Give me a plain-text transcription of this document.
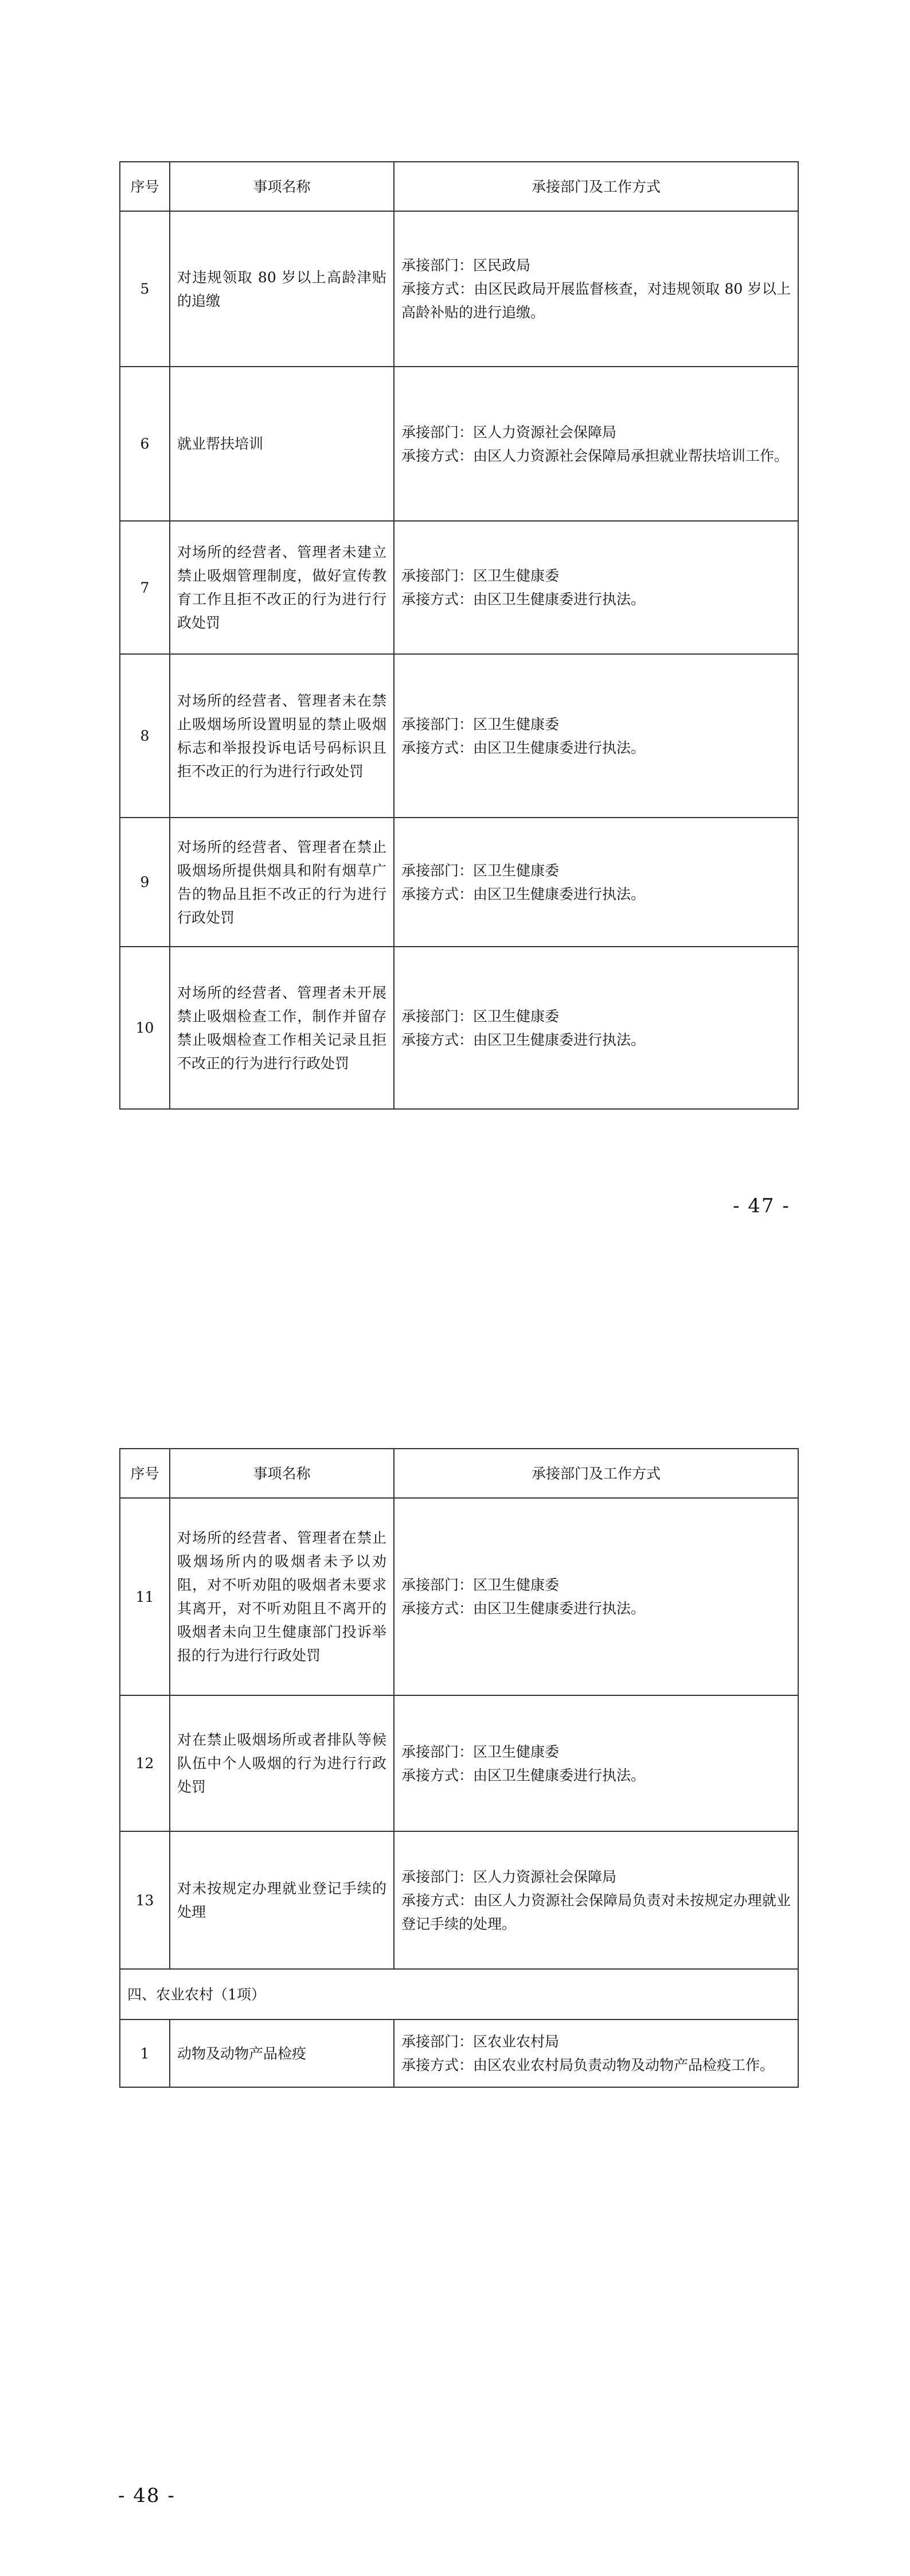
序号	事项名称	承接部门及工作方式
5	对违规领取 80 岁以上高龄津贴的追缴	承接部门：区民政局
承接方式：由区民政局开展监督核查，对违规领取 80 岁以上高龄补贴的进行追缴。

6	就业帮扶培训	承接部门：区人力资源社会保障局
承接方式：由区人力资源社会保障局承担就业帮扶培训工作。

7	对场所的经营者、管理者未建立禁止吸烟管理制度，做好宣传教育工作且拒不改正的行为进行行政处罚	承接部门：区卫生健康委
承接方式：由区卫生健康委进行执法。

8	对场所的经营者、管理者未在禁止吸烟场所设置明显的禁止吸烟标志和举报投诉电话号码标识且拒不改正的行为进行行政处罚	承接部门：区卫生健康委
承接方式：由区卫生健康委进行执法。

9	对场所的经营者、管理者在禁止吸烟场所提供烟具和附有烟草广告的物品且拒不改正的行为进行行政处罚	承接部门：区卫生健康委
承接方式：由区卫生健康委进行执法。

10	对场所的经营者、管理者未开展禁止吸烟检查工作，制作并留存禁止吸烟检查工作相关记录且拒不改正的行为进行行政处罚	承接部门：区卫生健康委
承接方式：由区卫生健康委进行执法。
- 47 -
序号	事项名称	承接部门及工作方式
11	对场所的经营者、管理者在禁止吸烟场所内的吸烟者未予以劝阻，对不听劝阻的吸烟者未要求其离开，对不听劝阻且不离开的吸烟者未向卫生健康部门投诉举报的行为进行行政处罚	承接部门：区卫生健康委
承接方式：由区卫生健康委进行执法。

12	对在禁止吸烟场所或者排队等候队伍中个人吸烟的行为进行行政处罚	承接部门：区卫生健康委
承接方式：由区卫生健康委进行执法。

13	对未按规定办理就业登记手续的处理	承接部门：区人力资源社会保障局
承接方式：由区人力资源社会保障局负责对未按规定办理就业登记手续的处理。

四、农业农村（1项）		
1	动物及动物产品检疫	承接部门：区农业农村局
承接方式：由区农业农村局负责动物及动物产品检疫工作。
- 48 -
